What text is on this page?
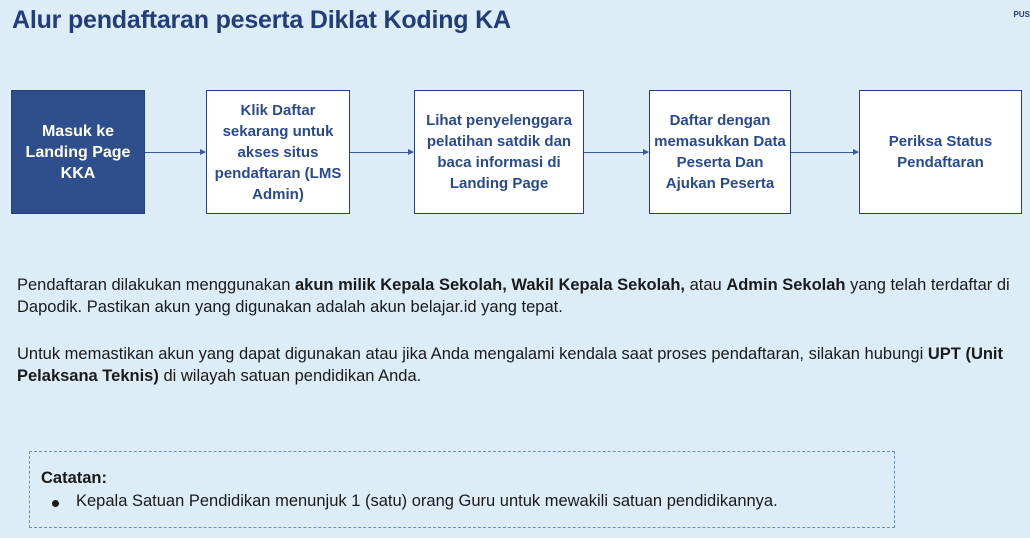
Alur pendaftaran peserta Diklat Koding KA	PUS
Masuk ke Landing Page KKA
Klik Daftar sekarang untuk akses situs pendaftaran (LMS Admin)
Lihat penyelenggara pelatihan satdik dan baca informasi di Landing Page
Daftar dengan memasukkan Data Peserta Dan Ajukan Peserta
Periksa Status Pendaftaran
Pendaftaran dilakukan menggunakan akun milik Kepala Sekolah, Wakil Kepala Sekolah, atau Admin Sekolah yang telah terdaftar di Dapodik. Pastikan akun yang digunakan adalah akun belajar.id yang tepat.
Untuk memastikan akun yang dapat digunakan atau jika Anda mengalami kendala saat proses pendaftaran, silakan hubungi UPT (Unit Pelaksana Teknis) di wilayah satuan pendidikan Anda.
Catatan:
Kepala Satuan Pendidikan menunjuk 1 (satu) orang Guru untuk mewakili satuan pendidikannya.
